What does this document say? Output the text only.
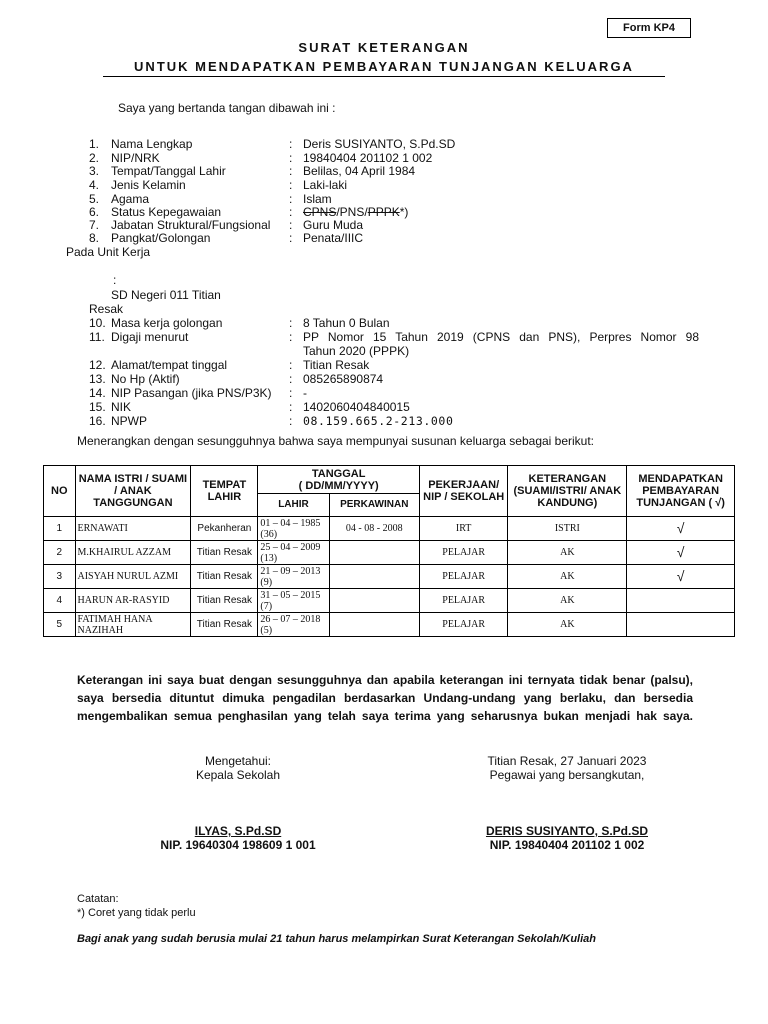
Form KP4
SURAT KETERANGAN
UNTUK MENDAPATKAN PEMBAYARAN TUNJANGAN KELUARGA
Saya yang bertanda tangan dibawah ini :
1. Nama Lengkap	: Deris SUSIYANTO, S.Pd.SD
2. NIP/NRK	: 19840404 201102 1 002
3. Tempat/Tanggal Lahir	: Belilas, 04 April 1984
4. Jenis Kelamin	: Laki-laki
5. Agama	: Islam
6. Status Kepegawaian	: CPNS/PNS/PPPK*)
7. Jabatan Struktural/Fungsional : Guru Muda
8. Pangkat/Golongan	: Penata/IIIC
Pada Unit Kerja
:
SD Negeri 011 Titian
Resak
10. Masa kerja golongan	: 8 Tahun 0 Bulan
11. Digaji menurut	: PP Nomor 15 Tahun 2019 (CPNS dan PNS), Perpres Nomor 98
Tahun 2020 (PPPK)
12. Alamat/tempat tinggal	: Titian Resak
13. No Hp (Aktif)	: 085265890874
14. NIP Pasangan (jika PNS/P3K) : -
15. NIK	: 1402060404840015
16. NPWP	: 08.159.665.2-213.000
Menerangkan dengan sesungguhnya bahwa saya mempunyai susunan keluarga sebagai berikut:
NO	NAMA ISTRI / SUAMI / ANAK TANGGUNGAN	TEMPAT LAHIR	TANGGAL
( DD/MM/YYYY)		PEKERJAAN/ NIP / SEKOLAH	KETERANGAN (SUAMI/ISTRI/ ANAK KANDUNG)	MENDAPATKAN PEMBAYARAN TUNJANGAN ( √)
			LAHIR	PERKAWINAN			
1	ERNAWATI	Pekanheran	01 – 04 – 1985 (36)	04 - 08 - 2008	IRT	ISTRI	√
2	M.KHAIRUL AZZAM	Titian Resak	25 – 04 – 2009 (13)		PELAJAR	AK	√
3	AISYAH NURUL AZMI	Titian Resak	21 – 09 – 2013 (9)		PELAJAR	AK	√
4	HARUN AR-RASYID	Titian Resak	31 – 05 – 2015 (7)		PELAJAR	AK	
5	FATIMAH HANA NAZIHAH	Titian Resak	26 – 07 – 2018 (5)		PELAJAR	AK	
Keterangan ini saya buat dengan sesungguhnya dan apabila keterangan ini ternyata tidak benar (palsu), saya bersedia dituntut dimuka pengadilan berdasarkan Undang-undang yang berlaku, dan bersedia mengembalikan semua penghasilan yang telah saya terima yang seharusnya bukan menjadi hak saya.
Mengetahui:
Kepala Sekolah
ILYAS, S.Pd.SD
NIP. 19640304 198609 1 001
Titian Resak, 27 Januari 2023
Pegawai yang bersangkutan,
DERIS SUSIYANTO, S.Pd.SD
NIP. 19840404 201102 1 002
Catatan:
*) Coret yang tidak perlu
Bagi anak yang sudah berusia mulai 21 tahun harus melampirkan Surat Keterangan Sekolah/Kuliah
